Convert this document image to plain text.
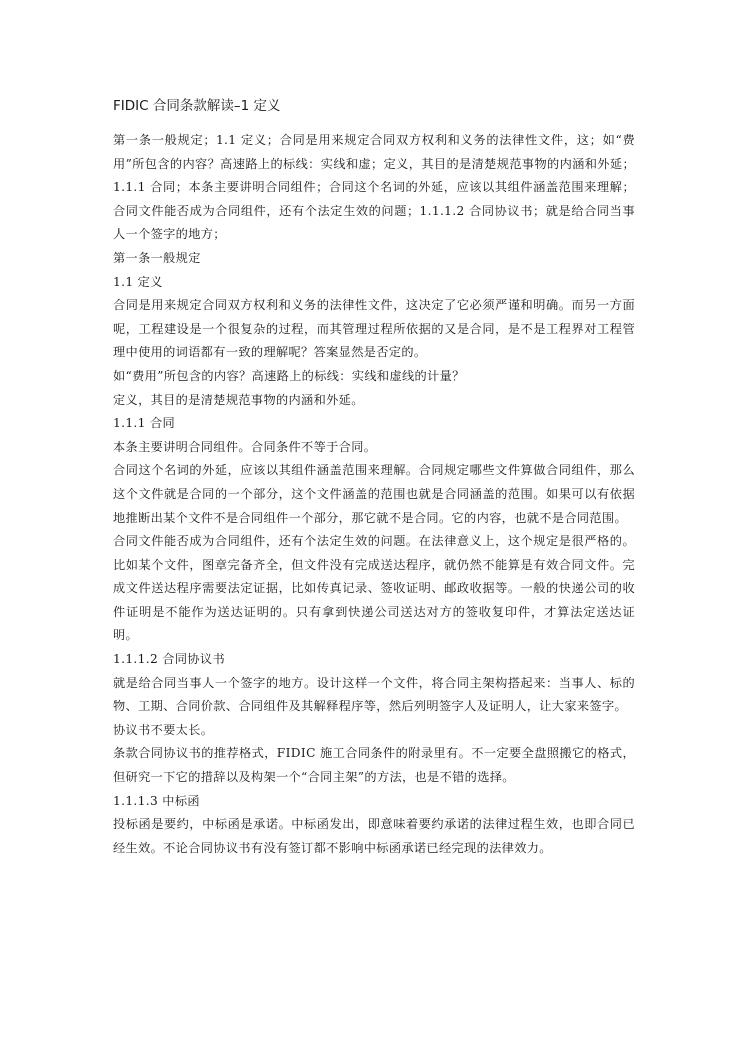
FIDIC 合同条款解读–1 定义

第一条一般规定；1.1 定义；合同是用来规定合同双方权利和义务的法律性文件，这；如“费用”所包含的内容？高速路上的标线：实线和虚；定义，其目的是清楚规范事物的内涵和外延；1.1.1 合同；本条主要讲明合同组件；合同这个名词的外延，应该以其组件涵盖范围来理解；合同文件能否成为合同组件，还有个法定生效的问题；1.1.1.2 合同协议书；就是给合同当事人一个签字的地方；

第一条一般规定

1.1 定义

合同是用来规定合同双方权利和义务的法律性文件，这决定了它必须严谨和明确。而另一方面呢，工程建设是一个很复杂的过程，而其管理过程所依据的又是合同，是不是工程界对工程管理中使用的词语都有一致的理解呢？答案显然是否定的。

如“费用”所包含的内容？高速路上的标线：实线和虚线的计量？

定义，其目的是清楚规范事物的内涵和外延。

1.1.1 合同

本条主要讲明合同组件。合同条件不等于合同。

合同这个名词的外延，应该以其组件涵盖范围来理解。合同规定哪些文件算做合同组件，那么这个文件就是合同的一个部分，这个文件涵盖的范围也就是合同涵盖的范围。如果可以有依据地推断出某个文件不是合同组件一个部分，那它就不是合同。它的内容，也就不是合同范围。

合同文件能否成为合同组件，还有个法定生效的问题。在法律意义上，这个规定是很严格的。比如某个文件，图章完备齐全，但文件没有完成送达程序，就仍然不能算是有效合同文件。完成文件送达程序需要法定证据，比如传真记录、签收证明、邮政收据等。一般的快递公司的收件证明是不能作为送达证明的。只有拿到快递公司送达对方的签收复印件，才算法定送达证明。

1.1.1.2 合同协议书

就是给合同当事人一个签字的地方。设计这样一个文件，将合同主架构搭起来：当事人、标的物、工期、合同价款、合同组件及其解释程序等，然后列明签字人及证明人，让大家来签字。

协议书不要太长。

条款合同协议书的推荐格式，FIDIC 施工合同条件的附录里有。不一定要全盘照搬它的格式，但研究一下它的措辞以及构架一个“合同主架”的方法，也是不错的选择。

1.1.1.3 中标函

投标函是要约，中标函是承诺。中标函发出，即意味着要约承诺的法律过程生效，也即合同已经生效。不论合同协议书有没有签订都不影响中标函承诺已经完现的法律效力。
